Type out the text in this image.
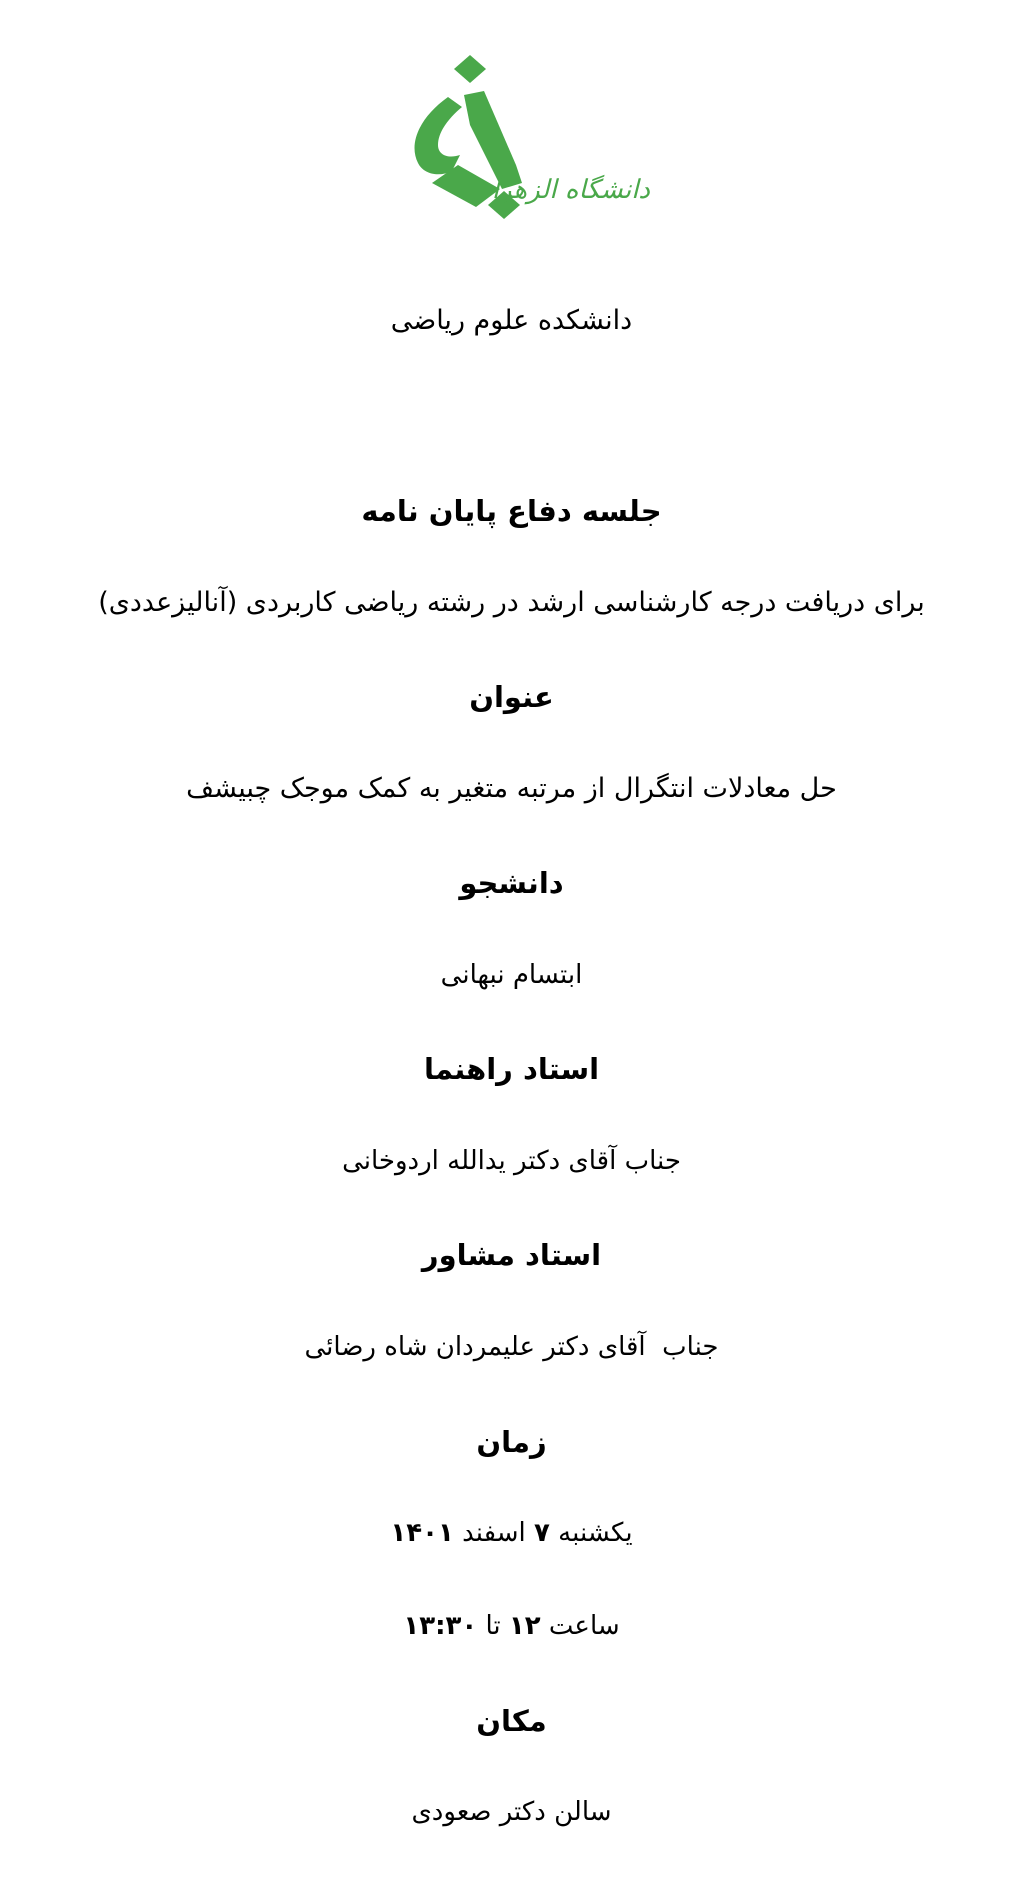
دانشگاه الزهرا
دانشکده علوم ریاضی
جلسه دفاع پایان نامه
برای دریافت درجه کارشناسی ارشد در رشته ریاضی کاربردی (آنالیزعددی)
عنوان
حل معادلات انتگرال از مرتبه متغیر به کمک موجک چبیشف
دانشجو
ابتسام نبهانی
استاد راهنما
جناب آقای دکتر یدالله اردوخانی
استاد مشاور
جناب  آقای دکتر علیمردان شاه رضائی
زمان
یکشنبه ۷ اسفند ۱۴۰۱
ساعت ۱۲ تا ۱۳:۳۰
مکان
سالن دکتر صعودی
